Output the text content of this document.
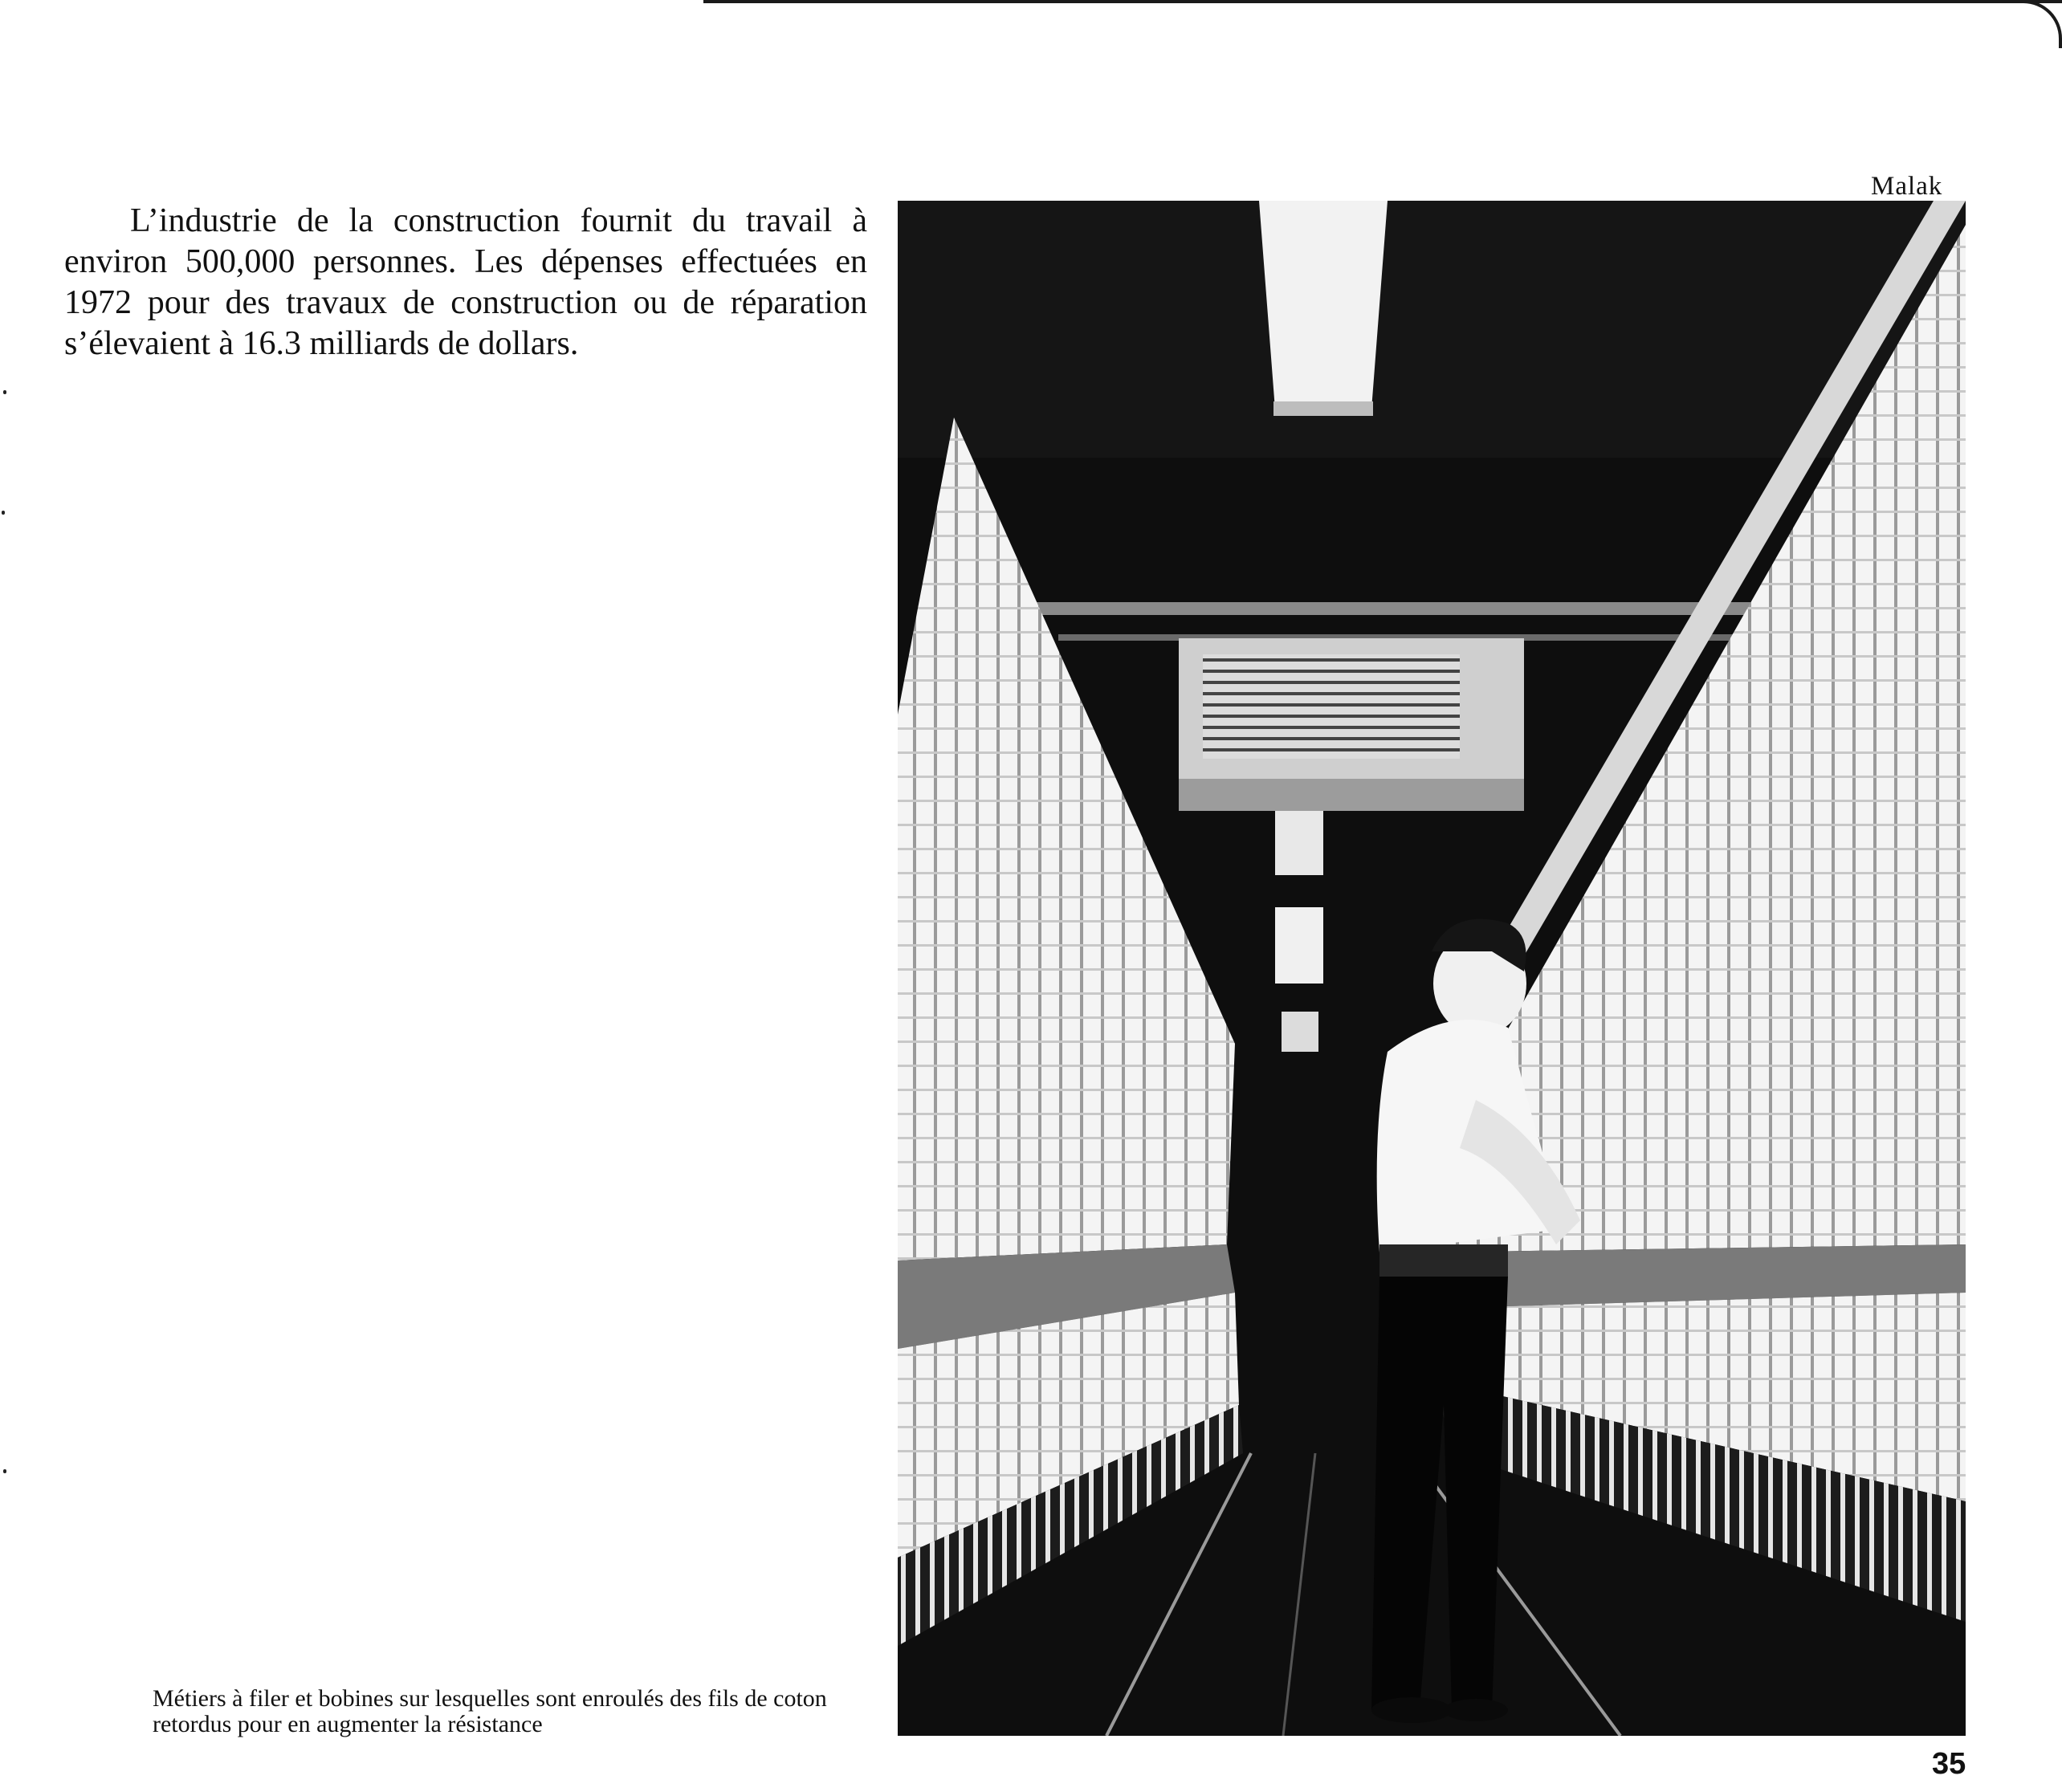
L’industrie de la construction fournit du travail à environ 500,000 personnes. Les dépenses effectuées en 1972 pour des travaux de construction ou de réparation s’élevaient à 16.3 milliards de dollars.

Malak

Métiers à filer et bobines sur lesquelles sont enroulés des fils de coton retordus pour en augmenter la résistance

35
